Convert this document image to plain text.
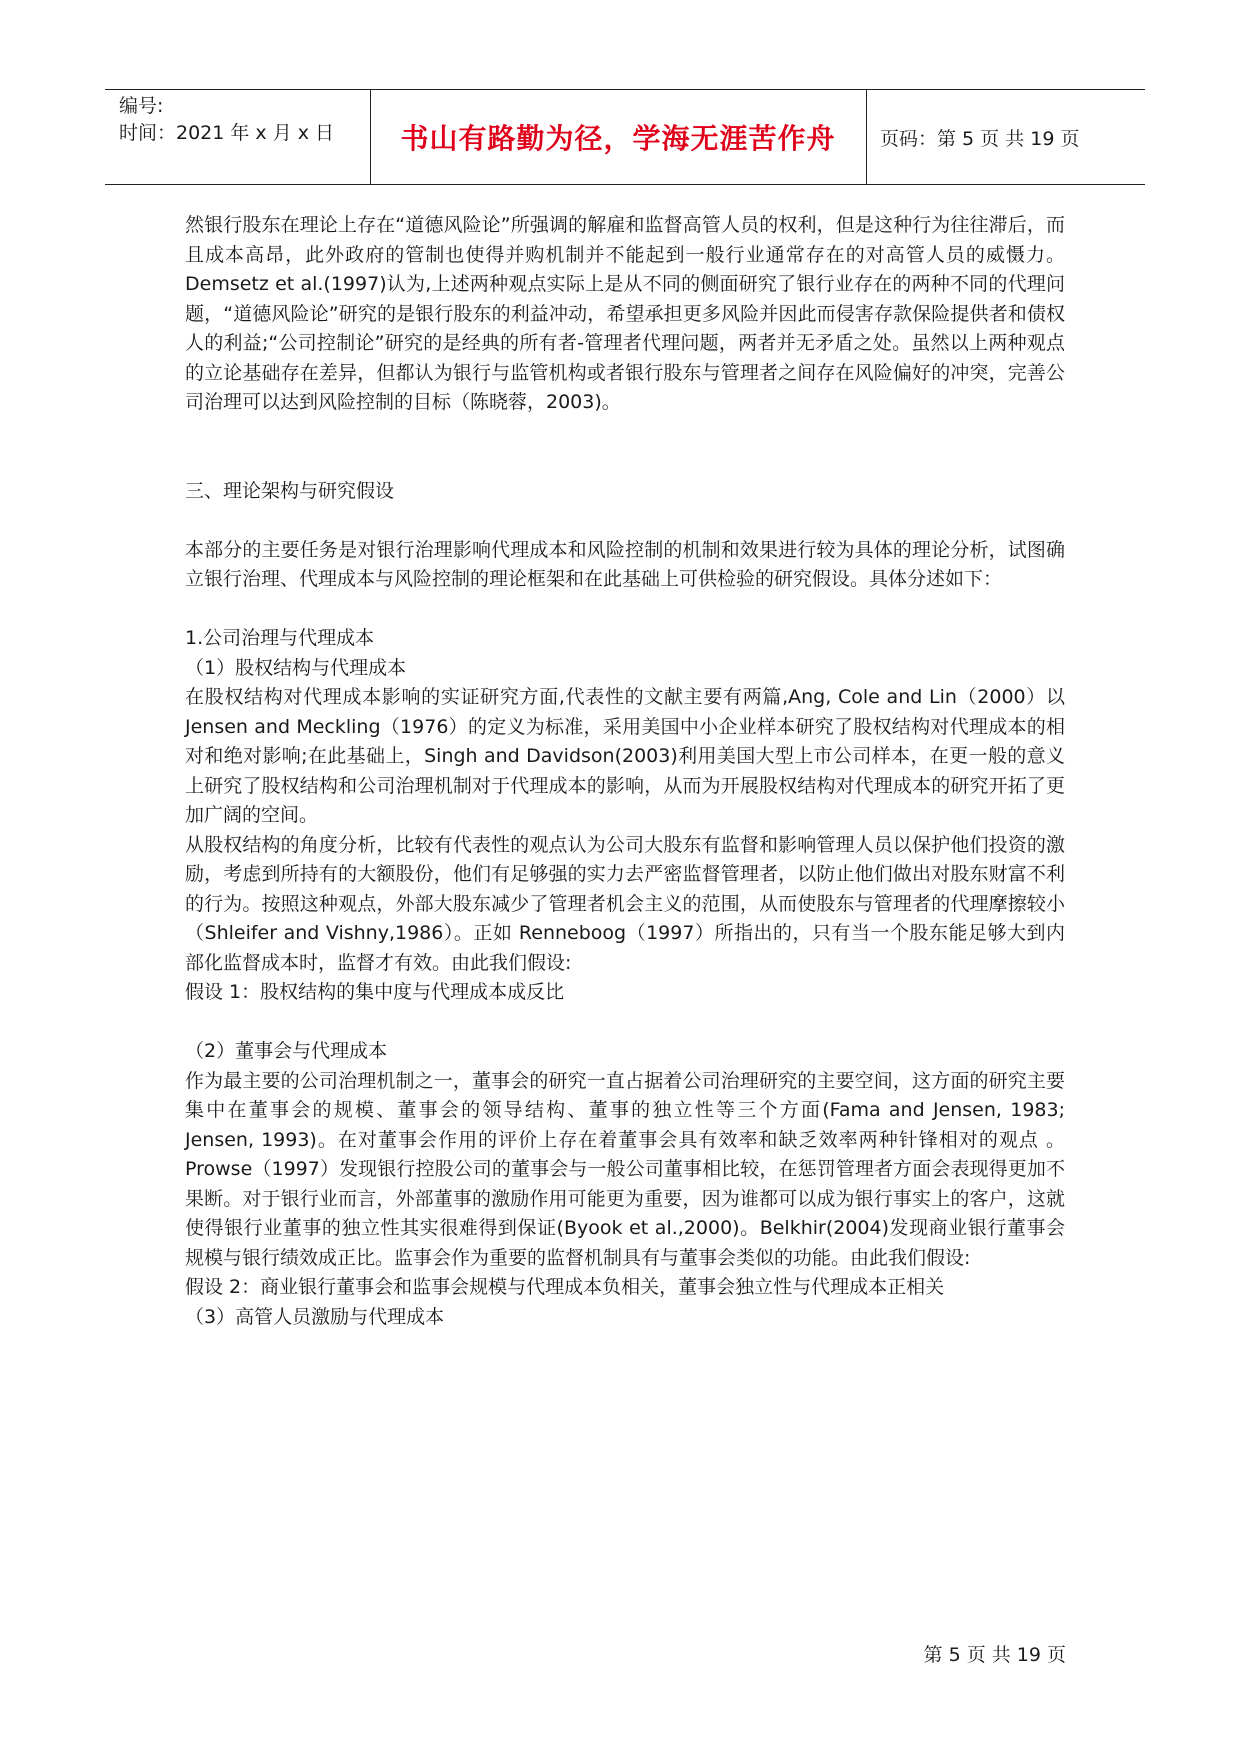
编号:
时间：2021 年 x 月 x 日 书山有路勤为径，学海无涯苦作舟 页码：第 5 页 共 19 页

然银行股东在理论上存在“道德风险论”所强调的解雇和监督高管人员的权利，但是这种行为往往滞后，而且成本高昂，此外政府的管制也使得并购机制并不能起到一般行业通常存在的对高管人员的威慑力。Demsetz et al.(1997)认为,上述两种观点实际上是从不同的侧面研究了银行业存在的两种不同的代理问题，“道德风险论”研究的是银行股东的利益冲动，希望承担更多风险并因此而侵害存款保险提供者和债权人的利益;“公司控制论”研究的是经典的所有者-管理者代理问题，两者并无矛盾之处。虽然以上两种观点的立论基础存在差异，但都认为银行与监管机构或者银行股东与管理者之间存在风险偏好的冲突，完善公司治理可以达到风险控制的目标（陈晓蓉，2003)。

三、理论架构与研究假设

本部分的主要任务是对银行治理影响代理成本和风险控制的机制和效果进行较为具体的理论分析，试图确立银行治理、代理成本与风险控制的理论框架和在此基础上可供检验的研究假设。具体分述如下：

1.公司治理与代理成本

（1）股权结构与代理成本

在股权结构对代理成本影响的实证研究方面,代表性的文献主要有两篇,Ang, Cole and Lin（2000）以 Jensen and Meckling（1976）的定义为标准，采用美国中小企业样本研究了股权结构对代理成本的相对和绝对影响;在此基础上，Singh and Davidson(2003)利用美国大型上市公司样本，在更一般的意义上研究了股权结构和公司治理机制对于代理成本的影响，从而为开展股权结构对代理成本的研究开拓了更加广阔的空间。

从股权结构的角度分析，比较有代表性的观点认为公司大股东有监督和影响管理人员以保护他们投资的激励，考虑到所持有的大额股份，他们有足够强的实力去严密监督管理者，以防止他们做出对股东财富不利的行为。按照这种观点，外部大股东减少了管理者机会主义的范围，从而使股东与管理者的代理摩擦较小（Shleifer and Vishny,1986）。正如 Renneboog（1997）所指出的，只有当一个股东能足够大到内部化监督成本时，监督才有效。由此我们假设:

假设 1：股权结构的集中度与代理成本成反比

（2）董事会与代理成本

作为最主要的公司治理机制之一，董事会的研究一直占据着公司治理研究的主要空间，这方面的研究主要集中在董事会的规模、董事会的领导结构、董事的独立性等三个方面(Fama and Jensen, 1983; Jensen, 1993)。在对董事会作用的评价上存在着董事会具有效率和缺乏效率两种针锋相对的观点 。Prowse（1997）发现银行控股公司的董事会与一般公司董事相比较，在惩罚管理者方面会表现得更加不果断。对于银行业而言，外部董事的激励作用可能更为重要，因为谁都可以成为银行事实上的客户，这就使得银行业董事的独立性其实很难得到保证(Byook et al.,2000)。Belkhir(2004)发现商业银行董事会规模与银行绩效成正比。监事会作为重要的监督机制具有与董事会类似的功能。由此我们假设:

假设 2：商业银行董事会和监事会规模与代理成本负相关，董事会独立性与代理成本正相关

（3）高管人员激励与代理成本

第 5 页 共 19 页
